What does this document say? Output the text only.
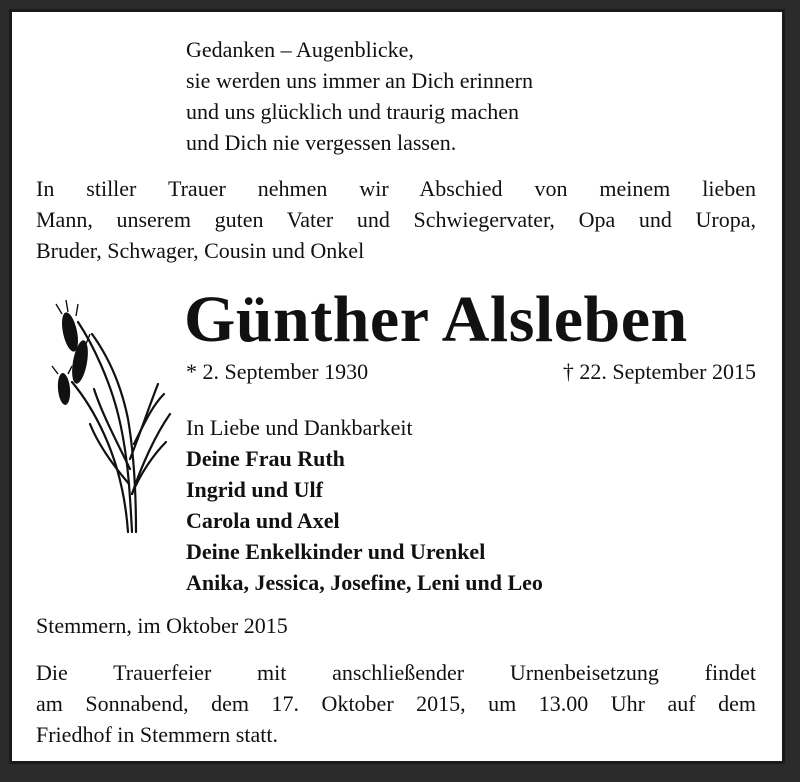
Gedanken – Augenblicke,
sie werden uns immer an Dich erinnern
und uns glücklich und traurig machen
und Dich nie vergessen lassen.
In stiller Trauer nehmen wir Abschied von meinem lieben
Mann, unserem guten Vater und Schwiegervater, Opa und Uropa,
Bruder, Schwager, Cousin und Onkel
Günther Alsleben
* 2. September 1930	† 22. September 2015
In Liebe und Dankbarkeit
Deine Frau Ruth
Ingrid und Ulf
Carola und Axel
Deine Enkelkinder und Urenkel
Anika, Jessica, Josefine, Leni und Leo
Stemmern, im Oktober 2015
Die Trauerfeier mit anschließender Urnenbeisetzung findet
am Sonnabend, dem 17. Oktober 2015, um 13.00 Uhr auf dem
Friedhof in Stemmern statt.
